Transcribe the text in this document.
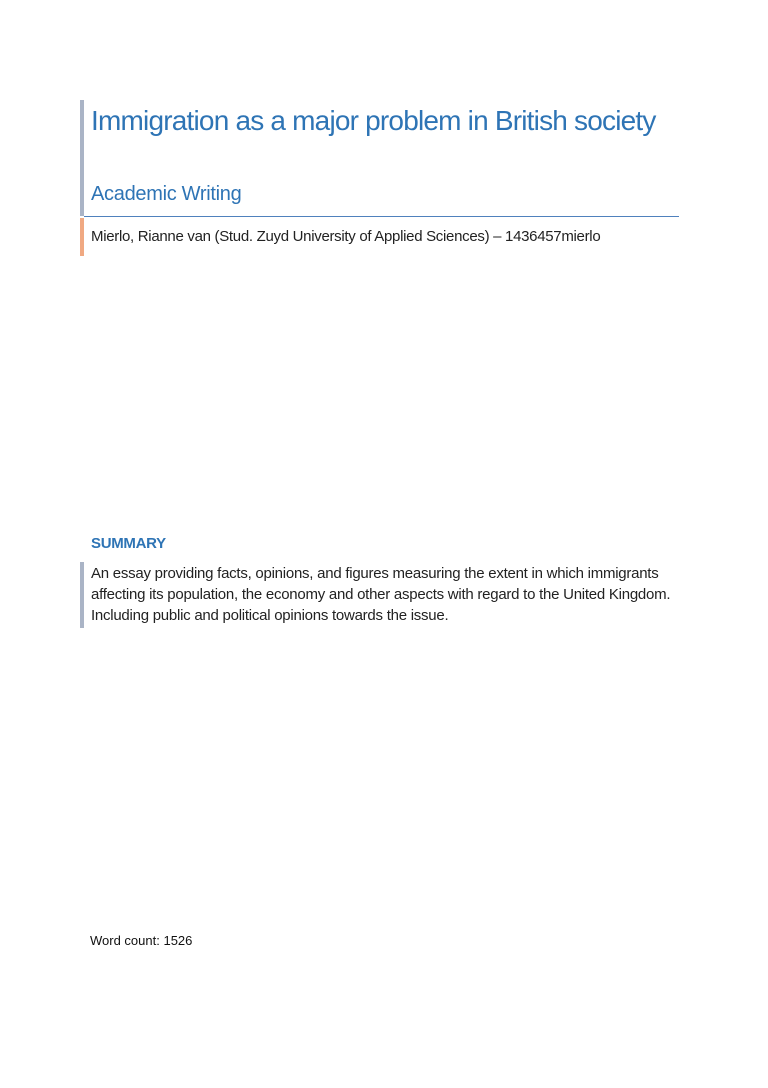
Immigration as a major problem in British society
Academic Writing
Mierlo, Rianne van (Stud. Zuyd University of Applied Sciences) – 1436457mierlo
SUMMARY
An essay providing facts, opinions, and figures measuring the extent in which immigrants affecting its population, the economy and other aspects with regard to the United Kingdom. Including public and political opinions towards the issue.
Word count: 1526
